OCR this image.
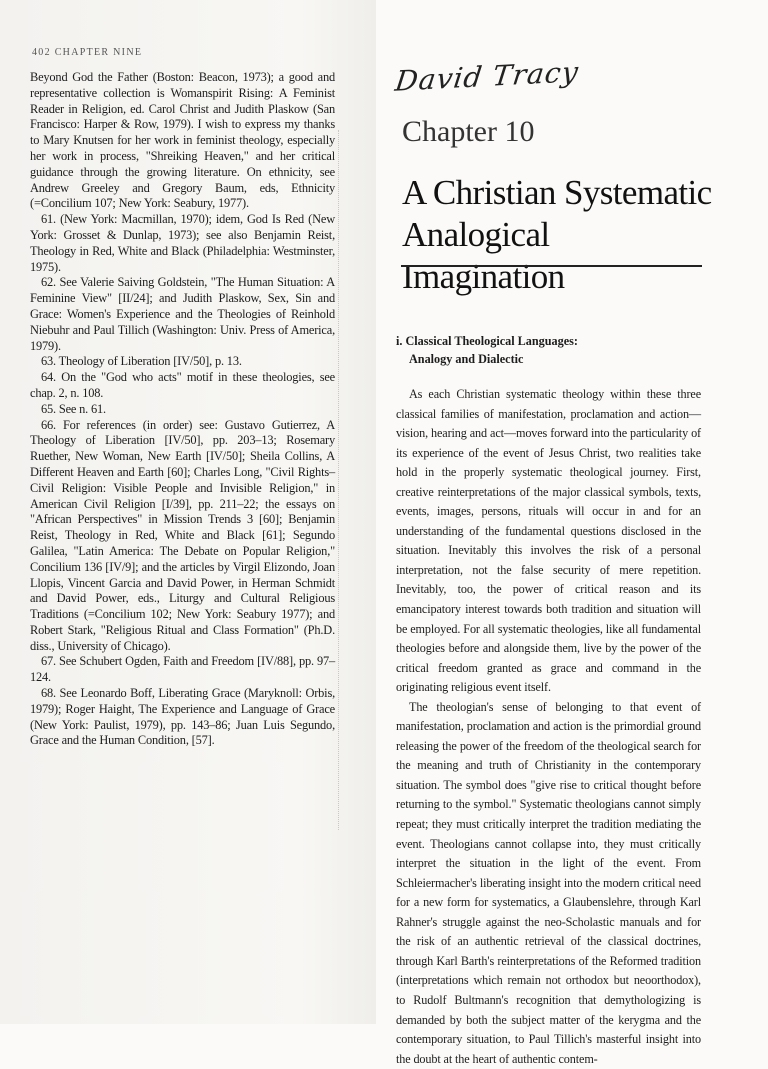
402 CHAPTER NINE

Beyond God the Father (Boston: Beacon, 1973); a good and representative collection is Womanspirit Rising: A Feminist Reader in Religion, ed. Carol Christ and Judith Plaskow (San Francisco: Harper & Row, 1979). I wish to express my thanks to Mary Knutsen for her work in feminist theology, especially her work in process, "Shreiking Heaven," and her critical guidance through the growing literature. On ethnicity, see Andrew Greeley and Gregory Baum, eds, Ethnicity (=Concilium 107; New York: Seabury, 1977).

61. (New York: Macmillan, 1970); idem, God Is Red (New York: Grosset & Dunlap, 1973); see also Benjamin Reist, Theology in Red, White and Black (Philadelphia: Westminster, 1975).

62. See Valerie Saiving Goldstein, "The Human Situation: A Feminine View" [II/24]; and Judith Plaskow, Sex, Sin and Grace: Women's Experience and the Theologies of Reinhold Niebuhr and Paul Tillich (Washington: Univ. Press of America, 1979).

63. Theology of Liberation [IV/50], p. 13.

64. On the "God who acts" motif in these theologies, see chap. 2, n. 108.

65. See n. 61.

66. For references (in order) see: Gustavo Gutierrez, A Theology of Liberation [IV/50], pp. 203–13; Rosemary Ruether, New Woman, New Earth [IV/50]; Sheila Collins, A Different Heaven and Earth [60]; Charles Long, "Civil Rights–Civil Religion: Visible People and Invisible Religion," in American Civil Religion [I/39], pp. 211–22; the essays on "African Perspectives" in Mission Trends 3 [60]; Benjamin Reist, Theology in Red, White and Black [61]; Segundo Galilea, "Latin America: The Debate on Popular Religion," Concilium 136 [IV/9]; and the articles by Virgil Elizondo, Joan Llopis, Vincent Garcia and David Power, in Herman Schmidt and David Power, eds., Liturgy and Cultural Religious Traditions (=Concilium 102; New York: Seabury 1977); and Robert Stark, "Religious Ritual and Class Formation" (Ph.D. diss., University of Chicago).

67. See Schubert Ogden, Faith and Freedom [IV/88], pp. 97–124.

68. See Leonardo Boff, Liberating Grace (Maryknoll: Orbis, 1979); Roger Haight, The Experience and Language of Grace (New York: Paulist, 1979), pp. 143–86; Juan Luis Segundo, Grace and the Human Condition, [57].

David Tracy
Chapter 10
A Christian Systematic
Analogical Imagination
i. Classical Theological Languages:
Analogy and Dialectic

As each Christian systematic theology within these three classical families of manifestation, proclamation and action—vision, hearing and act—moves forward into the particularity of its experience of the event of Jesus Christ, two realities take hold in the properly systematic theological journey. First, creative reinterpretations of the major classical symbols, texts, events, images, persons, rituals will occur in and for an understanding of the fundamental questions disclosed in the situation. Inevitably this involves the risk of a personal interpretation, not the false security of mere repetition. Inevitably, too, the power of critical reason and its emancipatory interest towards both tradition and situation will be employed. For all systematic theologies, like all fundamental theologies before and alongside them, live by the power of the critical freedom granted as grace and command in the originating religious event itself.

The theologian's sense of belonging to that event of manifestation, proclamation and action is the primordial ground releasing the power of the freedom of the theological search for the meaning and truth of Christianity in the contemporary situation. The symbol does "give rise to critical thought before returning to the symbol." Systematic theologians cannot simply repeat; they must critically interpret the tradition mediating the event. Theologians cannot collapse into, they must critically interpret the situation in the light of the event. From Schleiermacher's liberating insight into the modern critical need for a new form for systematics, a Glaubenslehre, through Karl Rahner's struggle against the neo-Scholastic manuals and for the risk of an authentic retrieval of the classical doctrines, through Karl Barth's reinterpretations of the Reformed tradition (interpretations which remain not orthodox but neoorthodox), to Rudolf Bultmann's recognition that demythologizing is demanded by both the subject matter of the kerygma and the contemporary situation, to Paul Tillich's masterful insight into the doubt at the heart of authentic contem-
